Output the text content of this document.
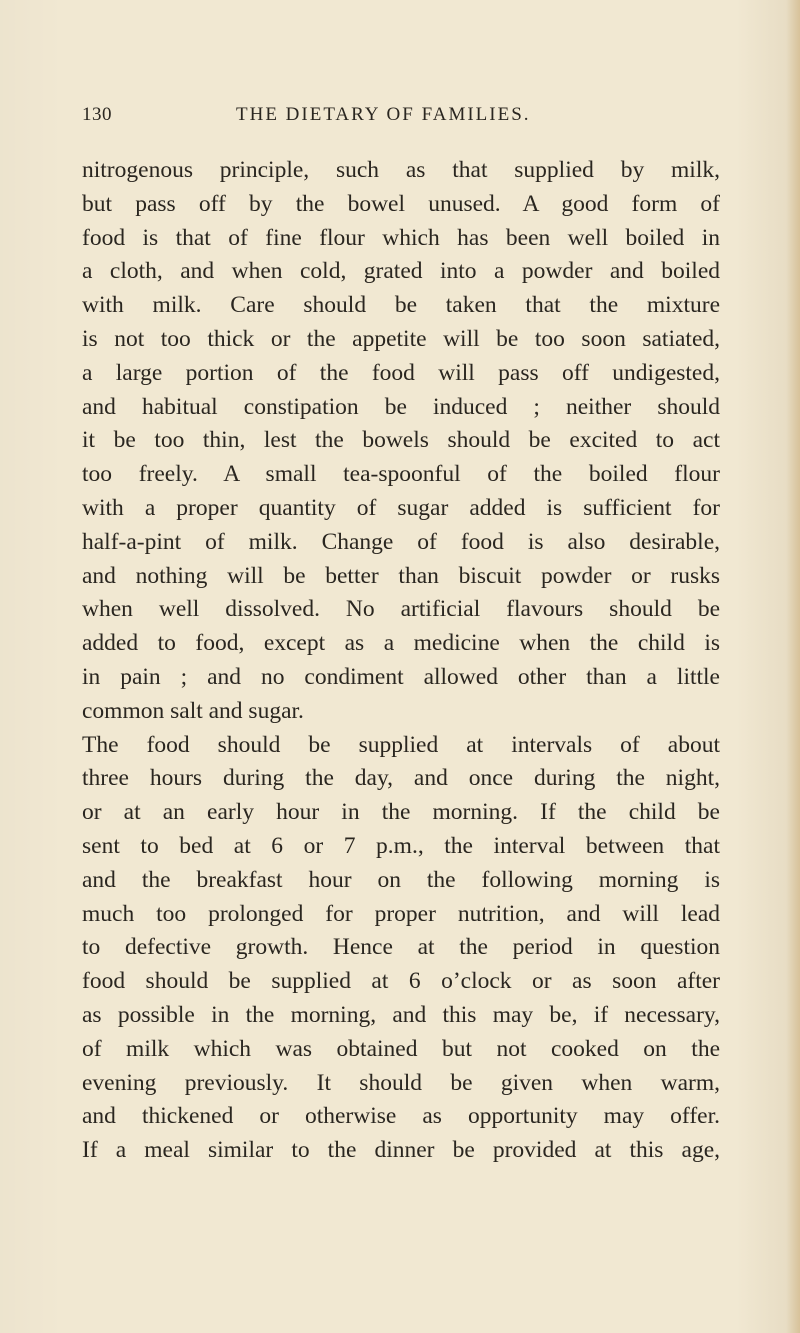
130	THE DIETARY OF FAMILIES.
nitrogenous principle, such as that supplied by milk,
but pass off by the bowel unused. A good form of
food is that of fine flour which has been well boiled in
a cloth, and when cold, grated into a powder and boiled
with milk. Care should be taken that the mixture
is not too thick or the appetite will be too soon satiated,
a large portion of the food will pass off undigested,
and habitual constipation be induced ; neither should
it be too thin, lest the bowels should be excited to act
too freely. A small tea-spoonful of the boiled flour
with a proper quantity of sugar added is sufficient for
half-a-pint of milk. Change of food is also desirable,
and nothing will be better than biscuit powder or rusks
when well dissolved. No artificial flavours should be
added to food, except as a medicine when the child is
in pain ; and no condiment allowed other than a little
common salt and sugar.
The food should be supplied at intervals of about
three hours during the day, and once during the night,
or at an early hour in the morning. If the child be
sent to bed at 6 or 7 p.m., the interval between that
and the breakfast hour on the following morning is
much too prolonged for proper nutrition, and will lead
to defective growth. Hence at the period in question
food should be supplied at 6 o’clock or as soon after
as possible in the morning, and this may be, if necessary,
of milk which was obtained but not cooked on the
evening previously. It should be given when warm,
and thickened or otherwise as opportunity may offer.
If a meal similar to the dinner be provided at this age,
